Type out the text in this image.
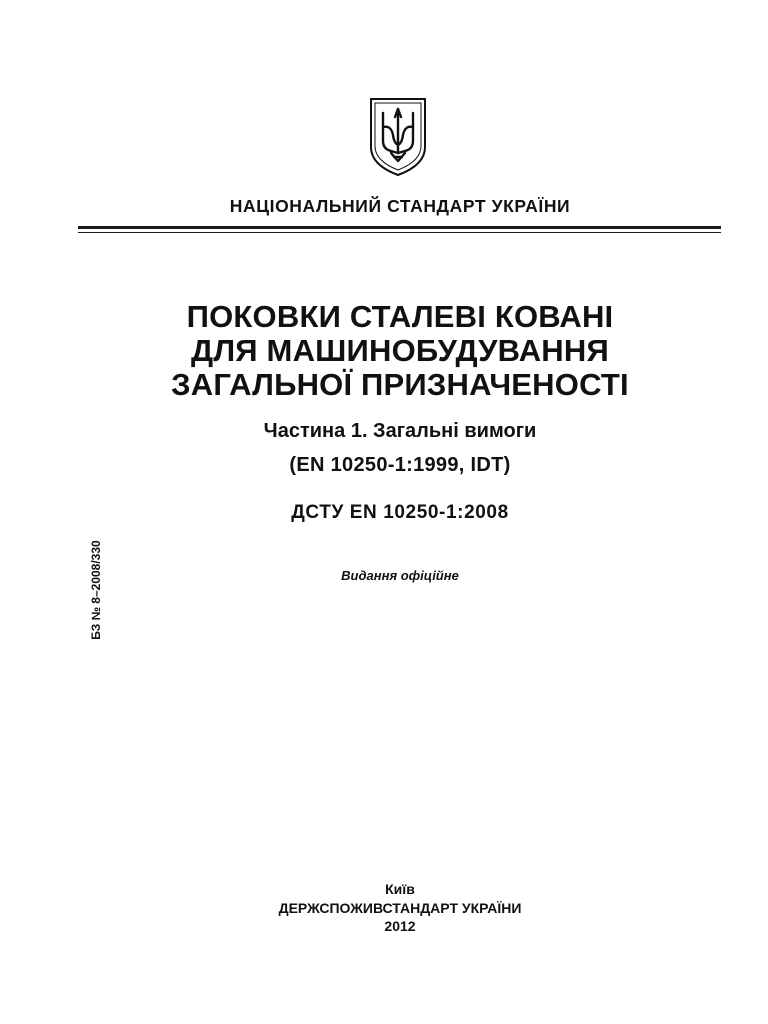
НАЦІОНАЛЬНИЙ СТАНДАРТ УКРАЇНИ
ПОКОВКИ СТАЛЕВІ КОВАНІ
ДЛЯ МАШИНОБУДУВАННЯ
ЗАГАЛЬНОЇ ПРИЗНАЧЕНОСТІ
Частина 1. Загальні вимоги
(EN 10250-1:1999, IDT)
ДСТУ EN 10250-1:2008
Видання офіційне
БЗ № 8–2008/330
Київ
ДЕРЖСПОЖИВСТАНДАРТ УКРАЇНИ
2012
